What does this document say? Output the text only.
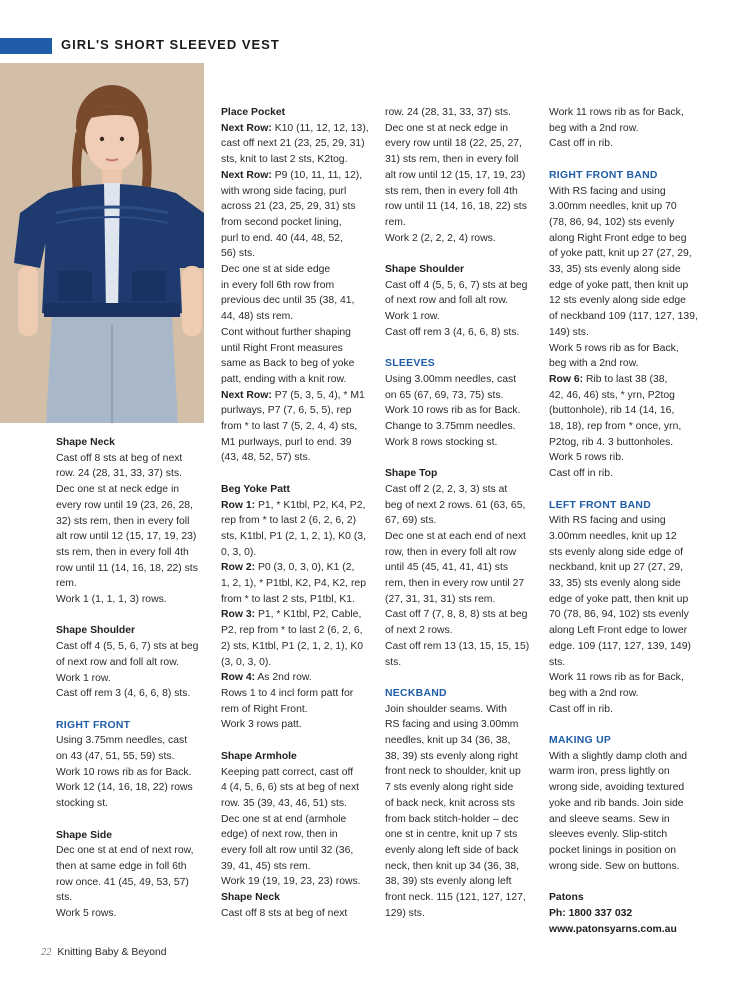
GIRL'S SHORT SLEEVED VEST

Shape Neck

Cast off 8 sts at beg of next

row. 24 (28, 31, 33, 37) sts.

Dec one st at neck edge in

every row until 19 (23, 26, 28,

32) sts rem, then in every foll

alt row until 12 (15, 17, 19, 23)

sts rem, then in every foll 4th

row until 11 (14, 16, 18, 22) sts

rem.

Work 1 (1, 1, 1, 3) rows.

Shape Shoulder

Cast off 4 (5, 5, 6, 7) sts at beg

of next row and foll alt row.

Work 1 row.

Cast off rem 3 (4, 6, 6, 8) sts.

RIGHT FRONT

Using 3.75mm needles, cast

on 43 (47, 51, 55, 59) sts.

Work 10 rows rib as for Back.

Work 12 (14, 16, 18, 22) rows

stocking st.

Shape Side

Dec one st at end of next row,

then at same edge in foll 6th

row once. 41 (45, 49, 53, 57)

sts.

Work 5 rows.

Place Pocket

Next Row: K10 (11, 12, 12, 13),

cast off next 21 (23, 25, 29, 31)

sts, knit to last 2 sts, K2tog.

Next Row: P9 (10, 11, 11, 12),

with wrong side facing, purl

across 21 (23, 25, 29, 31) sts

from second pocket lining,

purl to end. 40 (44, 48, 52,

56) sts.

Dec one st at side edge

in every foll 6th row from

previous dec until 35 (38, 41,

44, 48) sts rem.

Cont without further shaping

until Right Front measures

same as Back to beg of yoke

patt, ending with a knit row.

Next Row: P7 (5, 3, 5, 4), * M1

purlways, P7 (7, 6, 5, 5), rep

from * to last 7 (5, 2, 4, 4) sts,

M1 purlways, purl to end. 39

(43, 48, 52, 57) sts.

Beg Yoke Patt

Row 1: P1, * K1tbl, P2, K4, P2,

rep from * to last 2 (6, 2, 6, 2)

sts, K1tbl, P1 (2, 1, 2, 1), K0 (3,

0, 3, 0).

Row 2: P0 (3, 0, 3, 0), K1 (2,

1, 2, 1), * P1tbl, K2, P4, K2, rep

from * to last 2 sts, P1tbl, K1.

Row 3: P1, * K1tbl, P2, Cable,

P2, rep from * to last 2 (6, 2, 6,

2) sts, K1tbl, P1 (2, 1, 2, 1), K0

(3, 0, 3, 0).

Row 4: As 2nd row.

Rows 1 to 4 incl form patt for

rem of Right Front.

Work 3 rows patt.

Shape Armhole

Keeping patt correct, cast off

4 (4, 5, 6, 6) sts at beg of next

row. 35 (39, 43, 46, 51) sts.

Dec one st at end (armhole

edge) of next row, then in

every foll alt row until 32 (36,

39, 41, 45) sts rem.

Work 19 (19, 19, 23, 23) rows.

Shape Neck

Cast off 8 sts at beg of next

row. 24 (28, 31, 33, 37) sts.

Dec one st at neck edge in

every row until 18 (22, 25, 27,

31) sts rem, then in every foll

alt row until 12 (15, 17, 19, 23)

sts rem, then in every foll 4th

row until 11 (14, 16, 18, 22) sts

rem.

Work 2 (2, 2, 2, 4) rows.

Shape Shoulder

Cast off 4 (5, 5, 6, 7) sts at beg

of next row and foll alt row.

Work 1 row.

Cast off rem 3 (4, 6, 6, 8) sts.

SLEEVES

Using 3.00mm needles, cast

on 65 (67, 69, 73, 75) sts.

Work 10 rows rib as for Back.

Change to 3.75mm needles.

Work 8 rows stocking st.

Shape Top

Cast off 2 (2, 2, 3, 3) sts at

beg of next 2 rows. 61 (63, 65,

67, 69) sts.

Dec one st at each end of next

row, then in every foll alt row

until 45 (45, 41, 41, 41) sts

rem, then in every row until 27

(27, 31, 31, 31) sts rem.

Cast off 7 (7, 8, 8, 8) sts at beg

of next 2 rows.

Cast off rem 13 (13, 15, 15, 15)

sts.

NECKBAND

Join shoulder seams. With

RS facing and using 3.00mm

needles, knit up 34 (36, 38,

38, 39) sts evenly along right

front neck to shoulder, knit up

7 sts evenly along right side

of back neck, knit across sts

from back stitch-holder – dec

one st in centre, knit up 7 sts

evenly along left side of back

neck, then knit up 34 (36, 38,

38, 39) sts evenly along left

front neck. 115 (121, 127, 127,

129) sts.

Work 11 rows rib as for Back,

beg with a 2nd row.

Cast off in rib.

RIGHT FRONT BAND

With RS facing and using

3.00mm needles, knit up 70

(78, 86, 94, 102) sts evenly

along Right Front edge to beg

of yoke patt, knit up 27 (27, 29,

33, 35) sts evenly along side

edge of yoke patt, then knit up

12 sts evenly along side edge

of neckband 109 (117, 127, 139,

149) sts.

Work 5 rows rib as for Back,

beg with a 2nd row.

Row 6: Rib to last 38 (38,

42, 46, 46) sts, * yrn, P2tog

(buttonhole), rib 14 (14, 16,

18, 18), rep from * once, yrn,

P2tog, rib 4. 3 buttonholes.

Work 5 rows rib.

Cast off in rib.

LEFT FRONT BAND

With RS facing and using

3.00mm needles, knit up 12

sts evenly along side edge of

neckband, knit up 27 (27, 29,

33, 35) sts evenly along side

edge of yoke patt, then knit up

70 (78, 86, 94, 102) sts evenly

along Left Front edge to lower

edge. 109 (117, 127, 139, 149) sts.

Work 11 rows rib as for Back,

beg with a 2nd row.

Cast off in rib.

MAKING UP

With a slightly damp cloth and

warm iron, press lightly on

wrong side, avoiding textured

yoke and rib bands. Join side

and sleeve seams. Sew in

sleeves evenly. Slip-stitch

pocket linings in position on

wrong side. Sew on buttons.

Patons

Ph: 1800 337 032

www.patonsyarns.com.au

22 Knitting Baby & Beyond
